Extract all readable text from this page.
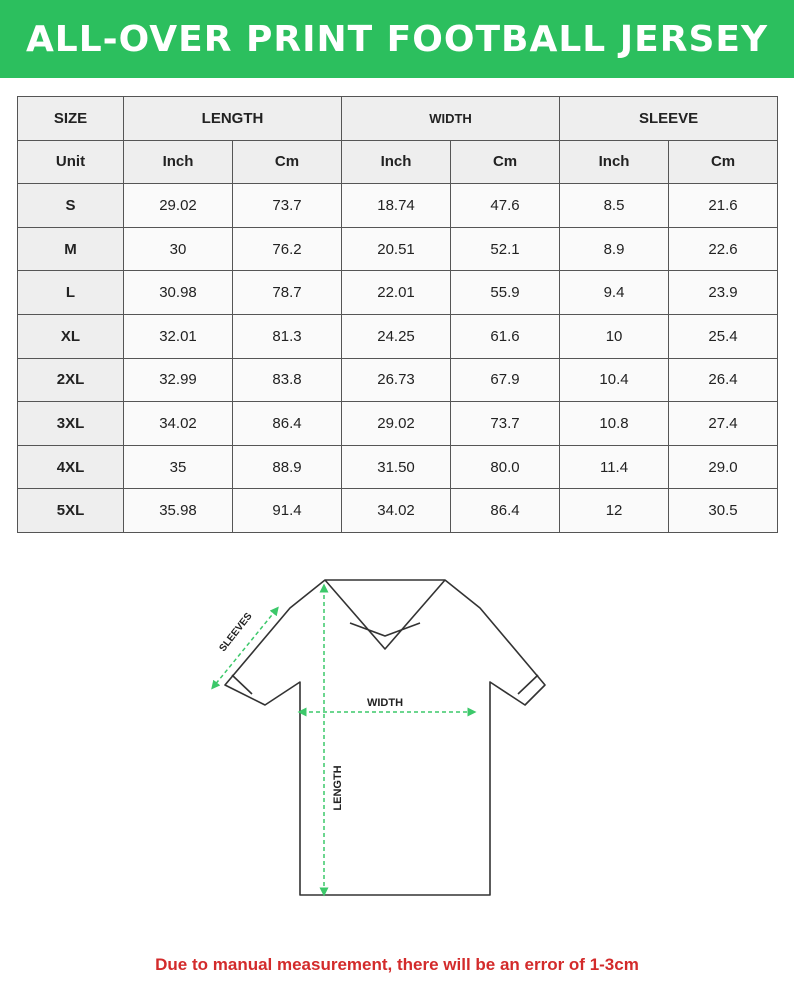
ALL-OVER PRINT FOOTBALL JERSEY
SIZE	LENGTH		WIDTH		SLEEVE	
Unit	Inch	Cm	Inch	Cm	Inch	Cm
S	29.02	73.7	18.74	47.6	8.5	21.6
M	30	76.2	20.51	52.1	8.9	22.6
L	30.98	78.7	22.01	55.9	9.4	23.9
XL	32.01	81.3	24.25	61.6	10	25.4
2XL	32.99	83.8	26.73	67.9	10.4	26.4
3XL	34.02	86.4	29.02	73.7	10.8	27.4
4XL	35	88.9	31.50	80.0	11.4	29.0
5XL	35.98	91.4	34.02	86.4	12	30.5
WIDTH
LENGTH
SLEEVES
Due to manual measurement, there will be an error of 1-3cm
